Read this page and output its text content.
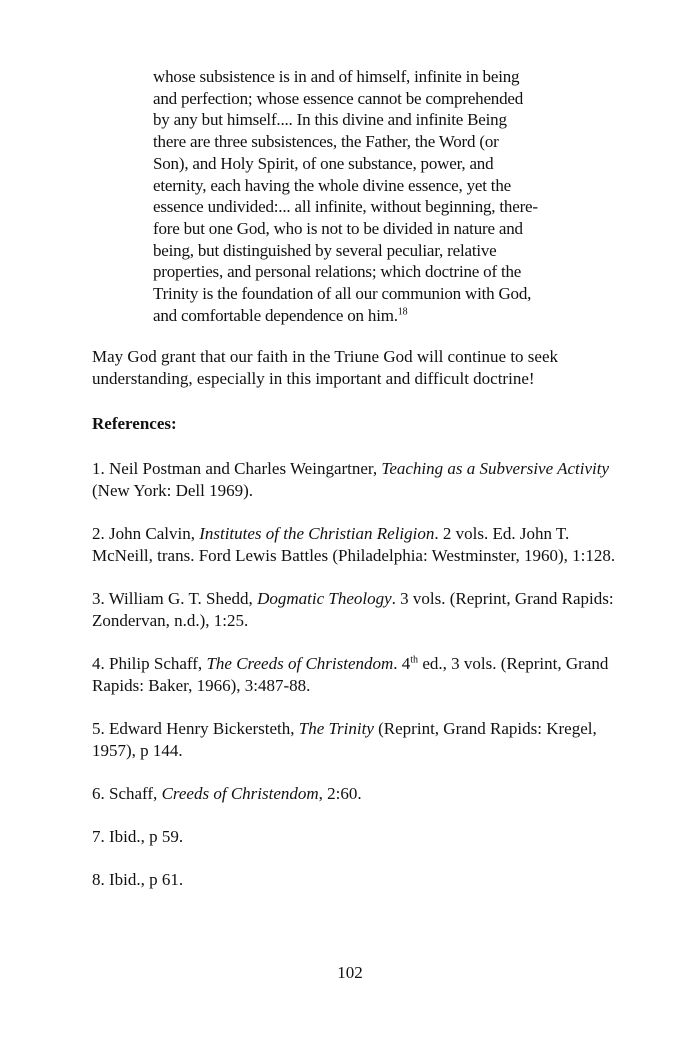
whose subsistence is in and of himself, infinite in being
and perfection; whose essence cannot be comprehended
by any but himself.... In this divine and infinite Being
there are three subsistences, the Father, the Word (or
Son), and Holy Spirit, of one substance, power, and
eternity, each having the whole divine essence, yet the
essence undivided:... all infinite, without beginning, there-
fore but one God, who is not to be divided in nature and
being, but distinguished by several peculiar, relative
properties, and personal relations; which doctrine of the
Trinity is the foundation of all our communion with God,
and comfortable dependence on him.$^{18}$
May God grant that our faith in the Triune God will continue to seek
understanding, especially in this important and difficult doctrine!
References:

1. Neil Postman and Charles Weingartner, Teaching as a Subversive Activity (New York: Dell 1969).

2. John Calvin, Institutes of the Christian Religion. 2 vols. Ed. John T. McNeill, trans. Ford Lewis Battles (Philadelphia: Westminster, 1960), 1:128.

3. William G. T. Shedd, Dogmatic Theology. 3 vols. (Reprint, Grand Rapids: Zondervan, n.d.), 1:25.

4. Philip Schaff, The Creeds of Christendom. 4th ed., 3 vols. (Reprint, Grand Rapids: Baker, 1966), 3:487-88.

5. Edward Henry Bickersteth, The Trinity (Reprint, Grand Rapids: Kregel, 1957), p 144.

6. Schaff, Creeds of Christendom, 2:60.

7. Ibid., p 59.

8. Ibid., p 61.

102
